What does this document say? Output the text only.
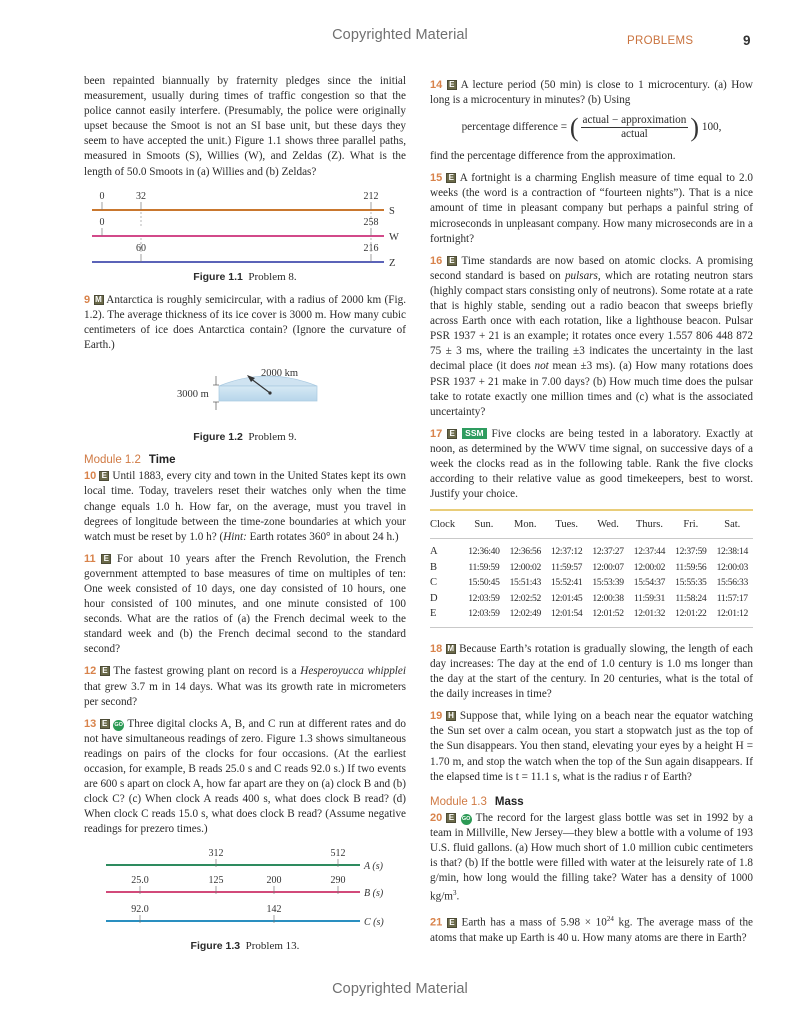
Copyrighted Material	PROBLEMS	9

been repainted biannually by fraternity pledges since the initial measurement, usually during times of traffic congestion so that the police cannot easily interfere. (Presumably, the police were originally upset because the Smoot is not an SI base unit, but these days they seem to have accepted the unit.) Figure 1.1 shows three parallel paths, measured in Smoots (S), Willies (W), and Zeldas (Z). What is the length of 50.0 Smoots in (a) Willies and (b) Zeldas?

S
0	32	212
W
0	258
Z
60	216
Figure 1.1 Problem 8.

9 M Antarctica is roughly semicircular, with a radius of 2000 km (Fig. 1.2). The average thickness of its ice cover is 3000 m. How many cubic centimeters of ice does Antarctica contain? (Ignore the curvature of Earth.)

2000 km
3000 m
Figure 1.2 Problem 9.
Module 1.2 Time

10 E Until 1883, every city and town in the United States kept its own local time. Today, travelers reset their watches only when the time change equals 1.0 h. How far, on the average, must you travel in degrees of longitude between the time-zone boundaries at which your watch must be reset by 1.0 h? (Hint: Earth rotates 360° in about 24 h.)

11 E For about 10 years after the French Revolution, the French government attempted to base measures of time on multiples of ten: One week consisted of 10 days, one day consisted of 10 hours, one hour consisted of 100 minutes, and one minute consisted of 100 seconds. What are the ratios of (a) the French decimal week to the standard week and (b) the French decimal second to the standard second?

12 E The fastest growing plant on record is a Hesperoyucca whipplei that grew 3.7 m in 14 days. What was its growth rate in micrometers per second?

13 E GO Three digital clocks A, B, and C run at different rates and do not have simultaneous readings of zero. Figure 1.3 shows simultaneous readings on pairs of the clocks for four occasions. (At the earliest occasion, for example, B reads 25.0 s and C reads 92.0 s.) If two events are 600 s apart on clock A, how far apart are they on (a) clock B and (b) clock C? (c) When clock A reads 400 s, what does clock B read? (d) When clock C reads 15.0 s, what does clock B read? (Assume negative readings for prezero times.)

A (s)
312	512
B (s)
25.0	125	200	290
C (s)
92.0	142
Figure 1.3 Problem 13.

14 E A lecture period (50 min) is close to 1 microcentury. (a) How long is a microcentury in minutes? (b) Using

percentage difference =
( $\frac{\text{actual − approximation}}{\text{actual}}$ )
100,

find the percentage difference from the approximation.

15 E A fortnight is a charming English measure of time equal to 2.0 weeks (the word is a contraction of “fourteen nights”). That is a nice amount of time in pleasant company but perhaps a painful string of microseconds in unpleasant company. How many microseconds are in a fortnight?

16 E Time standards are now based on atomic clocks. A promising second standard is based on pulsars, which are rotating neutron stars (highly compact stars consisting only of neutrons). Some rotate at a rate that is highly stable, sending out a radio beacon that sweeps briefly across Earth once with each rotation, like a lighthouse beacon. Pulsar PSR 1937 + 21 is an example; it rotates once every 1.557 806 448 872 75 ± 3 ms, where the trailing ±3 indicates the uncertainty in the last decimal place (it does not mean ±3 ms). (a) How many rotations does PSR 1937 + 21 make in 7.00 days? (b) How much time does the pulsar take to rotate exactly one million times and (c) what is the associated uncertainty?

17 E SSM Five clocks are being tested in a laboratory. Exactly at noon, as determined by the WWV time signal, on successive days of a week the clocks read as in the following table. Rank the five clocks according to their relative value as good timekeepers, best to worst. Justify your choice.

Clock	Sun.	Mon.	Tues.	Wed.	Thurs.	Fri.	Sat.
A	12:36:40	12:36:56	12:37:12	12:37:27	12:37:44	12:37:59	12:38:14
B	11:59:59	12:00:02	11:59:57	12:00:07	12:00:02	11:59:56	12:00:03
C	15:50:45	15:51:43	15:52:41	15:53:39	15:54:37	15:55:35	15:56:33
D	12:03:59	12:02:52	12:01:45	12:00:38	11:59:31	11:58:24	11:57:17
E	12:03:59	12:02:49	12:01:54	12:01:52	12:01:32	12:01:22	12:01:12

18 M Because Earth’s rotation is gradually slowing, the length of each day increases: The day at the end of 1.0 century is 1.0 ms longer than the day at the start of the century. In 20 centuries, what is the total of the daily increases in time?

19 H Suppose that, while lying on a beach near the equator watching the Sun set over a calm ocean, you start a stopwatch just as the top of the Sun disappears. You then stand, elevating your eyes by a height H = 1.70 m, and stop the watch when the top of the Sun again disappears. If the elapsed time is t = 11.1 s, what is the radius r of Earth?

Module 1.3 Mass

20 E GO The record for the largest glass bottle was set in 1992 by a team in Millville, New Jersey—they blew a bottle with a volume of 193 U.S. fluid gallons. (a) How much short of 1.0 million cubic centimeters is that? (b) If the bottle were filled with water at the leisurely rate of 1.8 g/min, how long would the filling take? Water has a density of 1000 $kg/m^3$.

21 E Earth has a mass of $5.98 \times 10^{24}$ kg. The average mass of the atoms that make up Earth is 40 u. How many atoms are there in Earth?

Copyrighted Material
